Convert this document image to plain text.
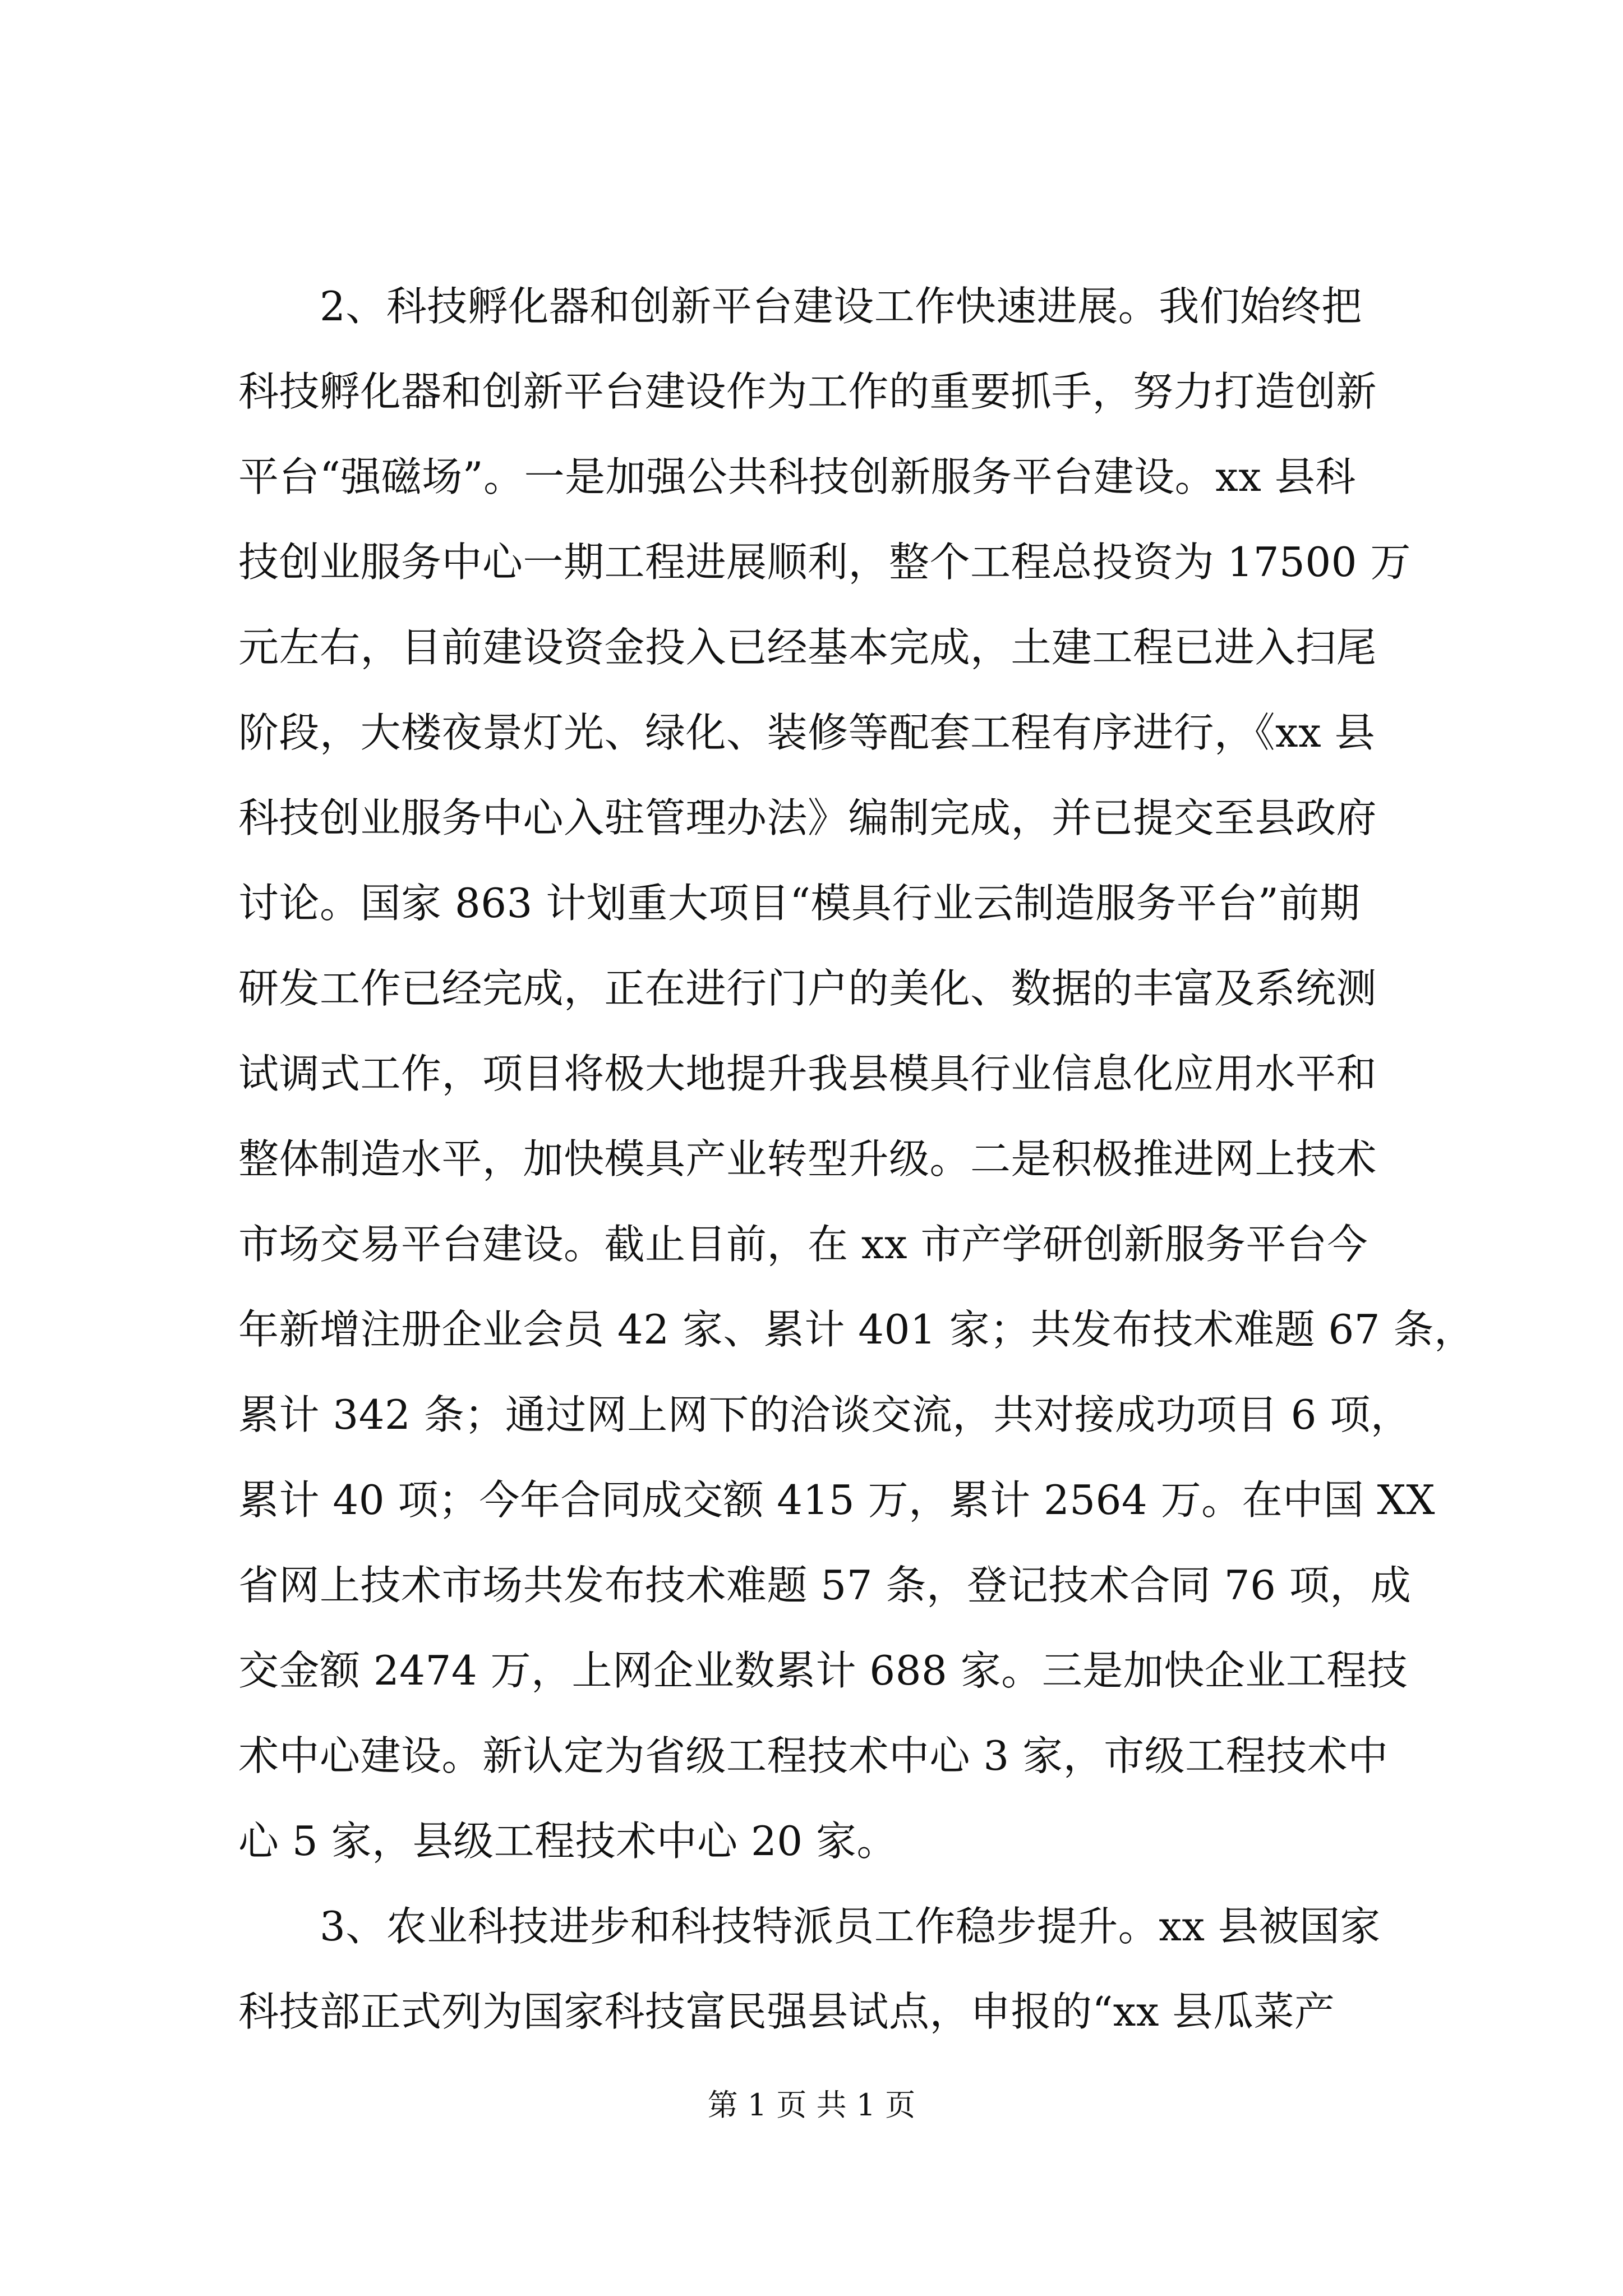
　　2、科技孵化器和创新平台建设工作快速进展。我们始终把
科技孵化器和创新平台建设作为工作的重要抓手，努力打造创新
平台“强磁场”。一是加强公共科技创新服务平台建设。xx 县科
技创业服务中心一期工程进展顺利，整个工程总投资为 17500 万
元左右，目前建设资金投入已经基本完成，土建工程已进入扫尾
阶段，大楼夜景灯光、绿化、装修等配套工程有序进行，《xx 县
科技创业服务中心入驻管理办法》编制完成，并已提交至县政府
讨论。国家 863 计划重大项目“模具行业云制造服务平台”前期
研发工作已经完成，正在进行门户的美化、数据的丰富及系统测
试调式工作，项目将极大地提升我县模具行业信息化应用水平和
整体制造水平，加快模具产业转型升级。二是积极推进网上技术
市场交易平台建设。截止目前，在 xx 市产学研创新服务平台今
年新增注册企业会员 42 家、累计 401 家；共发布技术难题 67 条，
累计 342 条；通过网上网下的洽谈交流，共对接成功项目 6 项，
累计 40 项；今年合同成交额 415 万，累计 2564 万。在中国 XX
省网上技术市场共发布技术难题 57 条，登记技术合同 76 项，成
交金额 2474 万，上网企业数累计 688 家。三是加快企业工程技
术中心建设。新认定为省级工程技术中心 3 家，市级工程技术中
心 5 家，县级工程技术中心 20 家。
　　3、农业科技进步和科技特派员工作稳步提升。xx 县被国家
科技部正式列为国家科技富民强县试点，申报的“xx 县瓜菜产
第 1 页 共 1 页
